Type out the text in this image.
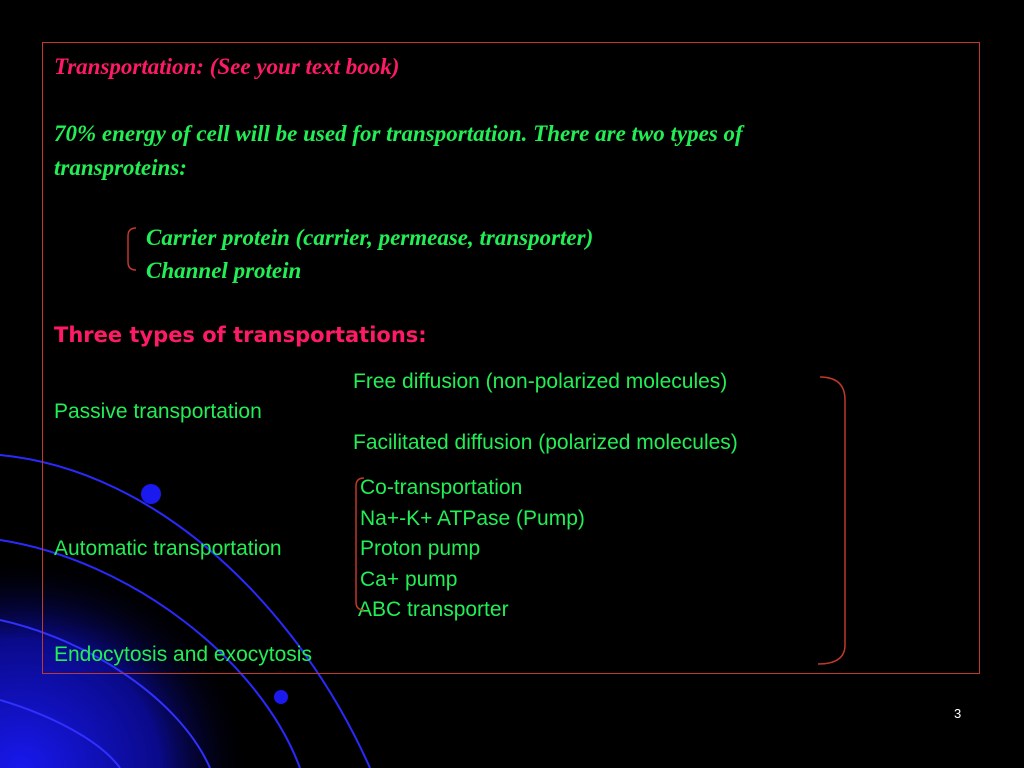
Transportation: (See your text book)
70% energy of cell will be used for transportation. There are two types of
transproteins:
Carrier protein (carrier, permease, transporter)
Channel protein
Three types of transportations:
Free diffusion (non-polarized molecules)
Passive transportation
Facilitated diffusion (polarized molecules)
Co-transportation
Na+-K+ ATPase (Pump)
Automatic transportation	Proton pump
Ca+ pump
ABC transporter
Endocytosis and exocytosis
3
